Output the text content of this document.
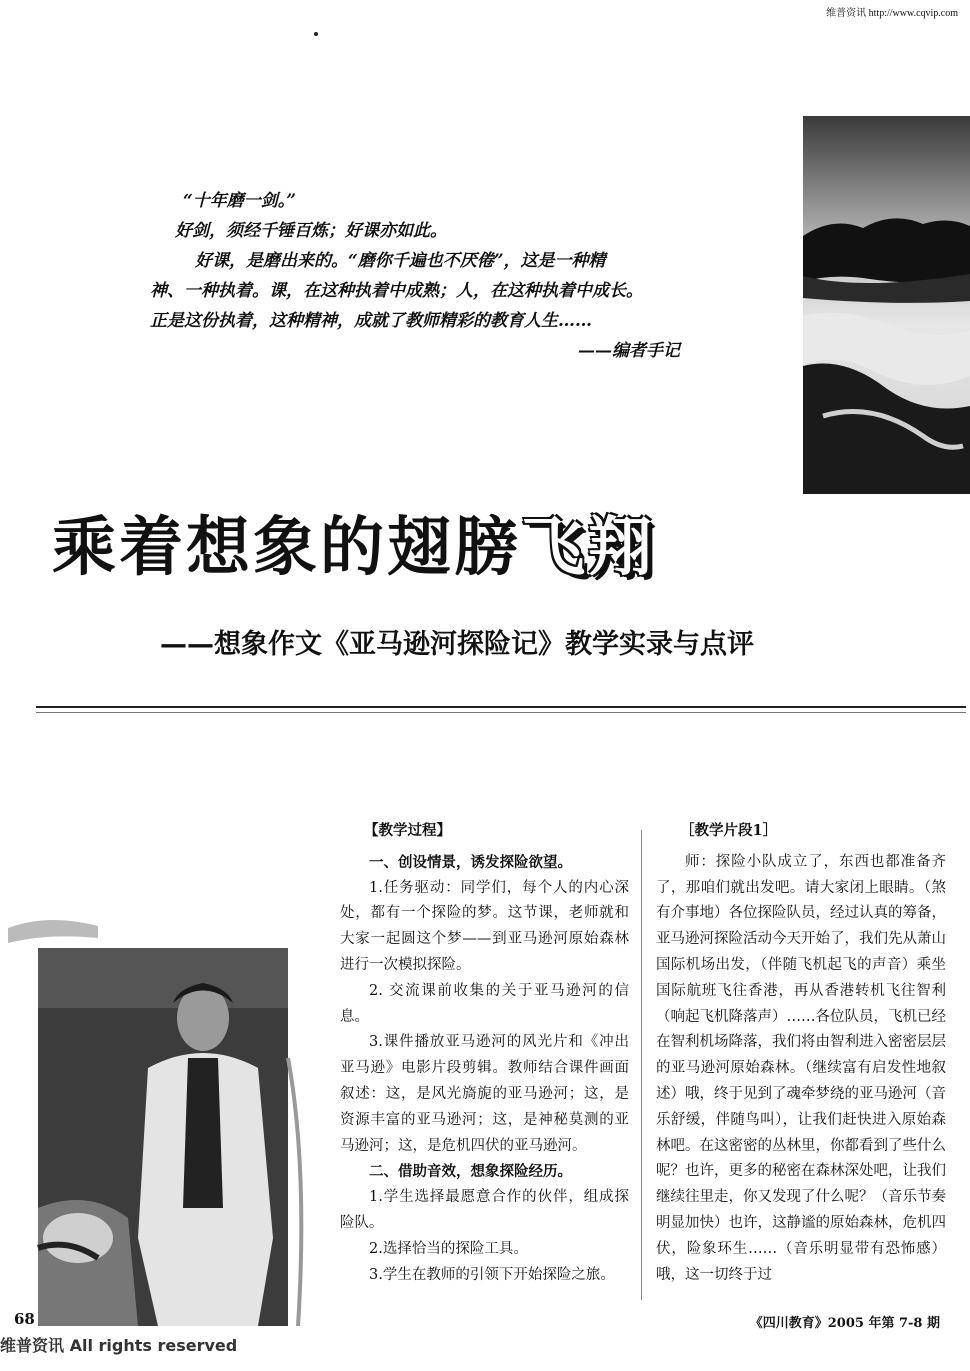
维普资讯 http://www.cqvip.com

“十年磨一剑。”

好剑，须经千锤百炼；好课亦如此。

好课，是磨出来的。“磨你千遍也不厌倦”，这是一种精

神、一种执着。课，在这种执着中成熟；人，在这种执着中成长。

正是这份执着，这种精神，成就了教师精彩的教育人生……

——编者手记

乘着想象的翅膀飞翔
——想象作文《亚马逊河探险记》教学实录与点评

【教学过程】

一、创设情景，诱发探险欲望。

1.任务驱动：同学们，每个人的内心深处，都有一个探险的梦。这节课，老师就和大家一起圆这个梦——到亚马逊河原始森林进行一次模拟探险。

2. 交流课前收集的关于亚马逊河的信息。

3.课件播放亚马逊河的风光片和《冲出亚马逊》电影片段剪辑。教师结合课件画面叙述：这，是风光旖旎的亚马逊河；这，是资源丰富的亚马逊河；这，是神秘莫测的亚马逊河；这，是危机四伏的亚马逊河。

二、借助音效，想象探险经历。

1.学生选择最愿意合作的伙伴，组成探险队。

2.选择恰当的探险工具。

3.学生在教师的引领下开始探险之旅。

［教学片段1］

师：探险小队成立了，东西也都准备齐了，那咱们就出发吧。请大家闭上眼睛。（煞有介事地）各位探险队员，经过认真的筹备，亚马逊河探险活动今天开始了，我们先从萧山国际机场出发，（伴随飞机起飞的声音）乘坐国际航班飞往香港，再从香港转机飞往智利（响起飞机降落声）……各位队员，飞机已经在智利机场降落，我们将由智利进入密密层层的亚马逊河原始森林。（继续富有启发性地叙述）哦，终于见到了魂牵梦绕的亚马逊河（音乐舒缓，伴随鸟叫），让我们赶快进入原始森林吧。在这密密的丛林里，你都看到了些什么呢？也许，更多的秘密在森林深处吧，让我们继续往里走，你又发现了什么呢？（音乐节奏明显加快）也许，这静谧的原始森林，危机四伏，险象环生……（音乐明显带有恐怖感）哦，这一切终于过

68
维普资讯 All rights reserved
《四川教育》2005 年第 7-8 期
